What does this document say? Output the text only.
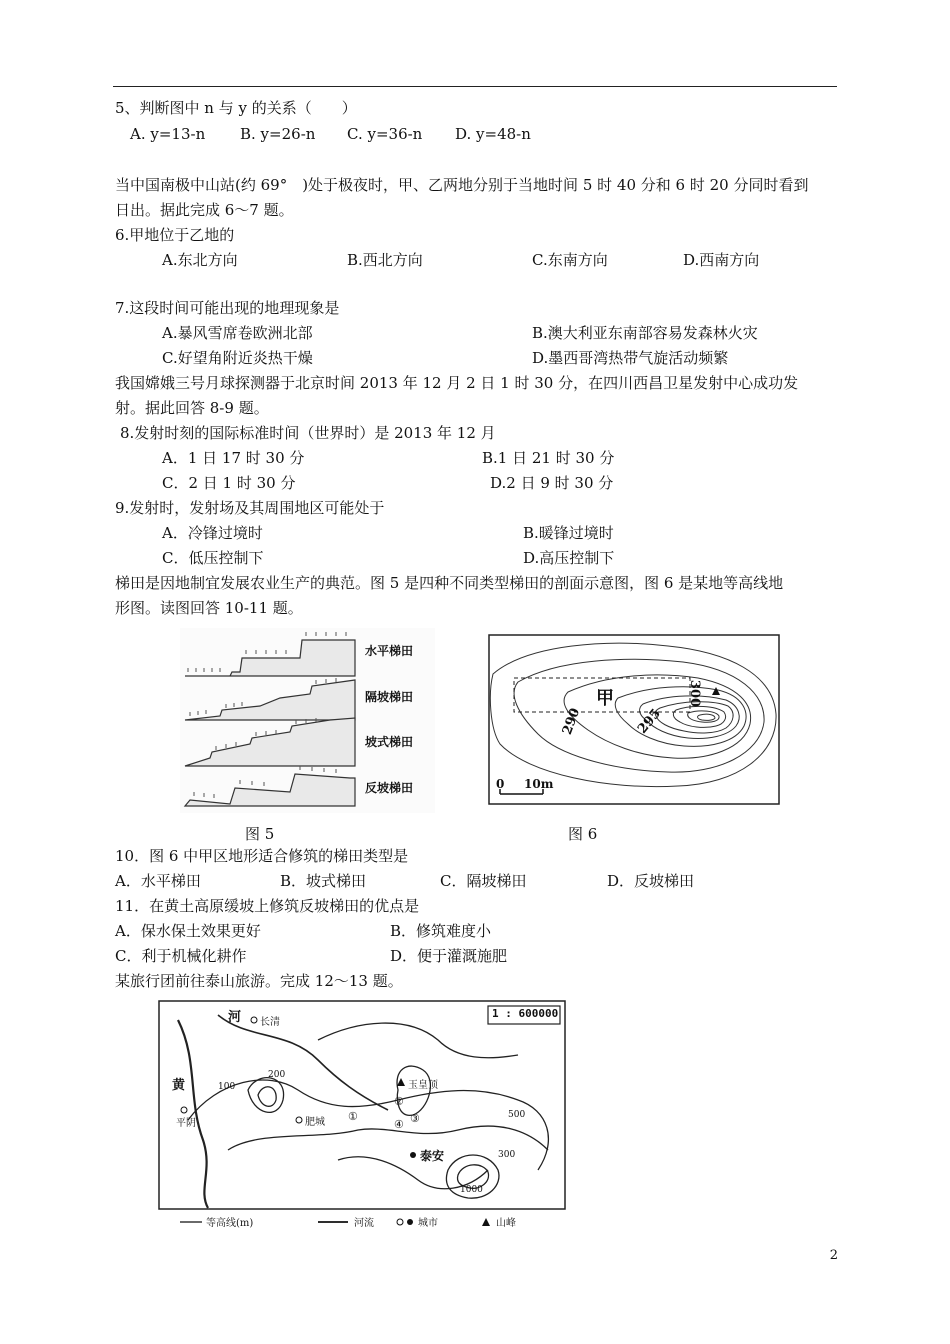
5、判断图中 n 与 y 的关系（　　）
A. y=13-n B. y=26-n C. y=36-n D. y=48-n
当中国南极中山站(约 69°　)处于极夜时，甲、乙两地分别于当地时间 5 时 40 分和 6 时 20 分同时看到
日出。据此完成 6～7 题。
6.甲地位于乙地的
A.东北方向	B.西北方向	C.东南方向	D.西南方向
7.这段时间可能出现的地理现象是
A.暴风雪席卷欧洲北部	B.澳大利亚东南部容易发森林火灾
C.好望角附近炎热干燥	D.墨西哥湾热带气旋活动频繁
我国嫦娥三号月球探测器于北京时间 2013 年 12 月 2 日 1 时 30 分，在四川西昌卫星发射中心成功发
射。据此回答 8-9 题。
8.发射时刻的国际标准时间（世界时）是 2013 年 12 月
A．1 日 17 时 30 分	B.1 日 21 时 30 分
C．2 日 1 时 30 分	D.2 日 9 时 30 分
9.发射时，发射场及其周围地区可能处于
A．冷锋过境时	B.暖锋过境时
C．低压控制下	D.高压控制下
梯田是因地制宜发展农业生产的典范。图 5 是四种不同类型梯田的剖面示意图，图 6 是某地等高线地
形图。读图回答 10-11 题。
水平梯田
隔坡梯田
坡式梯田
反坡梯田
图 5
甲	300
295
290
0 10m
图 6
10．图 6 中甲区地形适合修筑的梯田类型是
A．水平梯田	B．坡式梯田	C．隔坡梯田	D．反坡梯田
11．在黄土高原缓坡上修筑反坡梯田的优点是
A．保水保土效果更好	B．修筑难度小
C．利于机械化耕作	D．便于灌溉施肥
某旅行团前往泰山旅游。完成 12～13 题。
1 : 600000
河
黄
长清
平阴	肥城
泰安
玉皇顶
①
②
③
④
100
200
300
500
1000
等高线(m)	河流	城市	山峰
2
